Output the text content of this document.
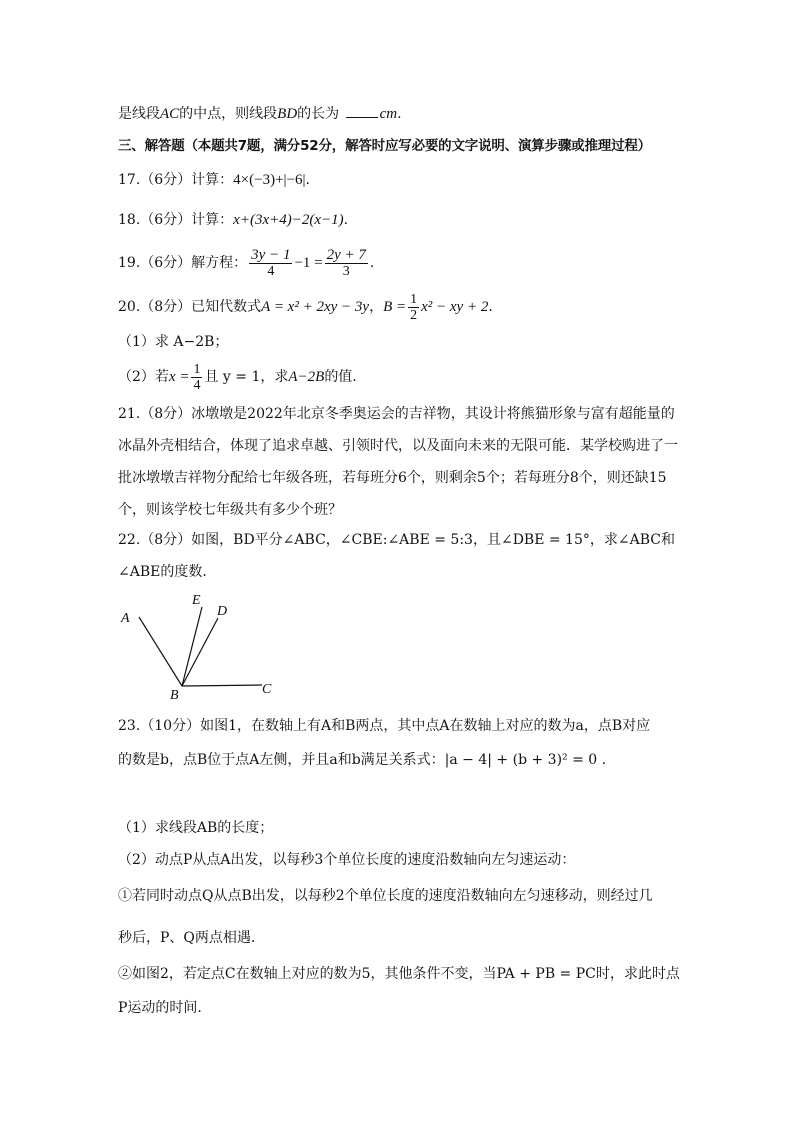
是线段AC的中点，则线段BD的长为	cm.
三、解答题（本题共7题，满分52分，解答时应写必要的文字说明、演算步骤或推理过程）
17.（6分）计算：4×(−3)+|−6|.
18.（6分）计算：x+(3x+4)−2(x−1).
19.（6分）解方程： $\frac{3y - 1}{4} -1 = \frac{2y + 7}{3}$ .
20.（8分）已知代数式A = x² + 2xy − 3y，$B = \frac{1}{2} x^2$ − xy + 2.
（1）求 A−2B；
（2）若$x = \frac{1}{4}$ 且 y = 1，求A−2B的值.
21.（8分）冰墩墩是2022年北京冬季奥运会的吉祥物，其设计将熊猫形象与富有超能量的
冰晶外壳相结合，体现了追求卓越、引领时代，以及面向未来的无限可能．某学校购进了一
批冰墩墩吉祥物分配给七年级各班，若每班分6个，则剩余5个；若每班分8个，则还缺15
个，则该学校七年级共有多少个班？
22.（8分）如图，BD平分∠ABC，∠CBE:∠ABE = 5:3，且∠DBE = 15°，求∠ABC和
∠ABE的度数.
A
B	C
D
E
23.（10分）如图1，在数轴上有A和B两点，其中点A在数轴上对应的数为a，点B对应
的数是b，点B位于点A左侧，并且a和b满足关系式：|a − 4| + (b + 3)² = 0 .
（1）求线段AB的长度；
（2）动点P从点A出发，以每秒3个单位长度的速度沿数轴向左匀速运动：
①若同时动点Q从点B出发，以每秒2个单位长度的速度沿数轴向左匀速移动，则经过几
秒后，P、Q两点相遇.
②如图2，若定点C在数轴上对应的数为5，其他条件不变，当PA + PB = PC时，求此时点
P运动的时间.
